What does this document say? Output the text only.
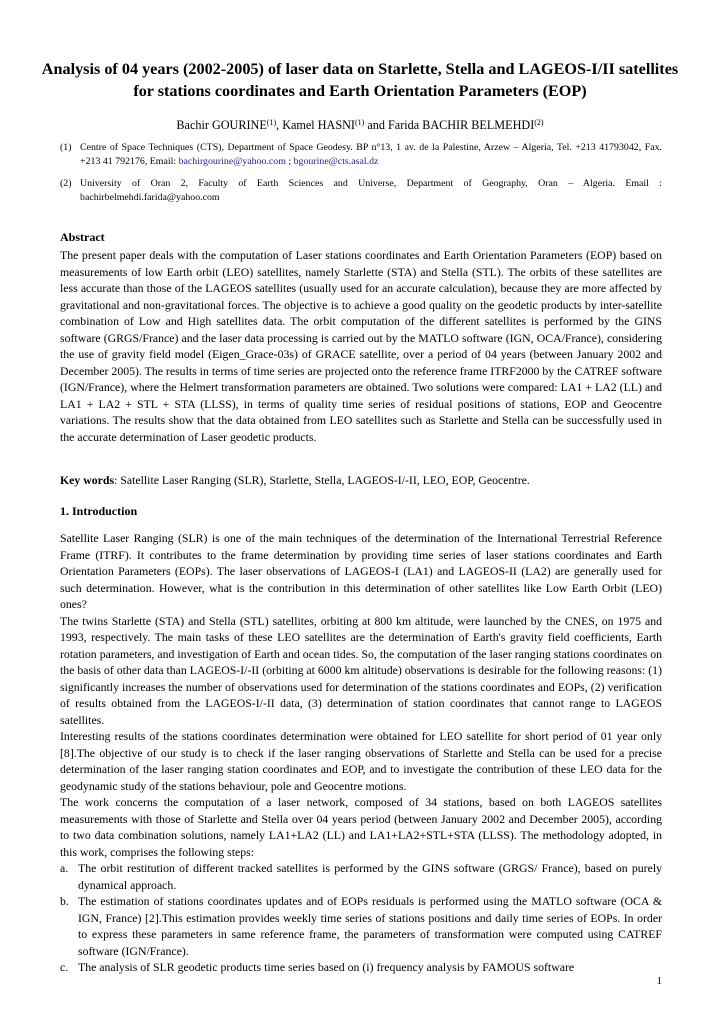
Analysis of 04 years (2002-2005) of laser data on Starlette, Stella and LAGEOS-I/II satellites for stations coordinates and Earth Orientation Parameters (EOP)
Bachir GOURINE$^{(1)}$, Kamel HASNI$^{(1)}$ and Farida BACHIR BELMEHDI$^{(2)}$
(1) Centre of Space Techniques (CTS), Department of Space Geodesy. BP n°13, 1 av. de la Palestine, Arzew – Algeria, Tel. +213 41793042, Fax. +213 41 792176, Email: bachirgourine@yahoo.com ; bgourine@cts.asal.dz
(2) University of Oran 2, Faculty of Earth Sciences and Universe, Department of Geography, Oran – Algeria. Email : bachirbelmehdi.farida@yahoo.com
Abstract

The present paper deals with the computation of Laser stations coordinates and Earth Orientation Parameters (EOP) based on measurements of low Earth orbit (LEO) satellites, namely Starlette (STA) and Stella (STL). The orbits of these satellites are less accurate than those of the LAGEOS satellites (usually used for an accurate calculation), because they are more affected by gravitational and non-gravitational forces. The objective is to achieve a good quality on the geodetic products by inter-satellite combination of Low and High satellites data. The orbit computation of the different satellites is performed by the GINS software (GRGS/France) and the laser data processing is carried out by the MATLO software (IGN, OCA/France), considering the use of gravity field model (Eigen_Grace-03s) of GRACE satellite, over a period of 04 years (between January 2002 and December 2005). The results in terms of time series are projected onto the reference frame ITRF2000 by the CATREF software (IGN/France), where the Helmert transformation parameters are obtained. Two solutions were compared: LA1 + LA2 (LL) and LA1 + LA2 + STL + STA (LLSS), in terms of quality time series of residual positions of stations, EOP and Geocentre variations. The results show that the data obtained from LEO satellites such as Starlette and Stella can be successfully used in the accurate determination of Laser geodetic products.

Key words: Satellite Laser Ranging (SLR), Starlette, Stella, LAGEOS-I/-II, LEO, EOP, Geocentre.

1. Introduction

Satellite Laser Ranging (SLR) is one of the main techniques of the determination of the International Terrestrial Reference Frame (ITRF). It contributes to the frame determination by providing time series of laser stations coordinates and Earth Orientation Parameters (EOPs). The laser observations of LAGEOS-I (LA1) and LAGEOS-II (LA2) are generally used for such determination. However, what is the contribution in this determination of other satellites like Low Earth Orbit (LEO) ones?

The twins Starlette (STA) and Stella (STL) satellites, orbiting at 800 km altitude, were launched by the CNES, on 1975 and 1993, respectively. The main tasks of these LEO satellites are the determination of Earth's gravity field coefficients, Earth rotation parameters, and investigation of Earth and ocean tides. So, the computation of the laser ranging stations coordinates on the basis of other data than LAGEOS-I/-II (orbiting at 6000 km altitude) observations is desirable for the following reasons: (1) significantly increases the number of observations used for determination of the stations coordinates and EOPs, (2) verification of results obtained from the LAGEOS-I/-II data, (3) determination of station coordinates that cannot range to LAGEOS satellites.

Interesting results of the stations coordinates determination were obtained for LEO satellite for short period of 01 year only [8].The objective of our study is to check if the laser ranging observations of Starlette and Stella can be used for a precise determination of the laser ranging station coordinates and EOP, and to investigate the contribution of these LEO data for the geodynamic study of the stations behaviour, pole and Geocentre motions.

The work concerns the computation of a laser network, composed of 34 stations, based on both LAGEOS satellites measurements with those of Starlette and Stella over 04 years period (between January 2002 and December 2005), according to two data combination solutions, namely LA1+LA2 (LL) and LA1+LA2+STL+STA (LLSS). The methodology adopted, in this work, comprises the following steps:

a. The orbit restitution of different tracked satellites is performed by the GINS software (GRGS/ France), based on purely dynamical approach.
b. The estimation of stations coordinates updates and of EOPs residuals is performed using the MATLO software (OCA & IGN, France) [2].This estimation provides weekly time series of stations positions and daily time series of EOPs. In order to express these parameters in same reference frame, the parameters of transformation were computed using CATREF software (IGN/France).
c. The analysis of SLR geodetic products time series based on (i) frequency analysis by FAMOUS software
1
